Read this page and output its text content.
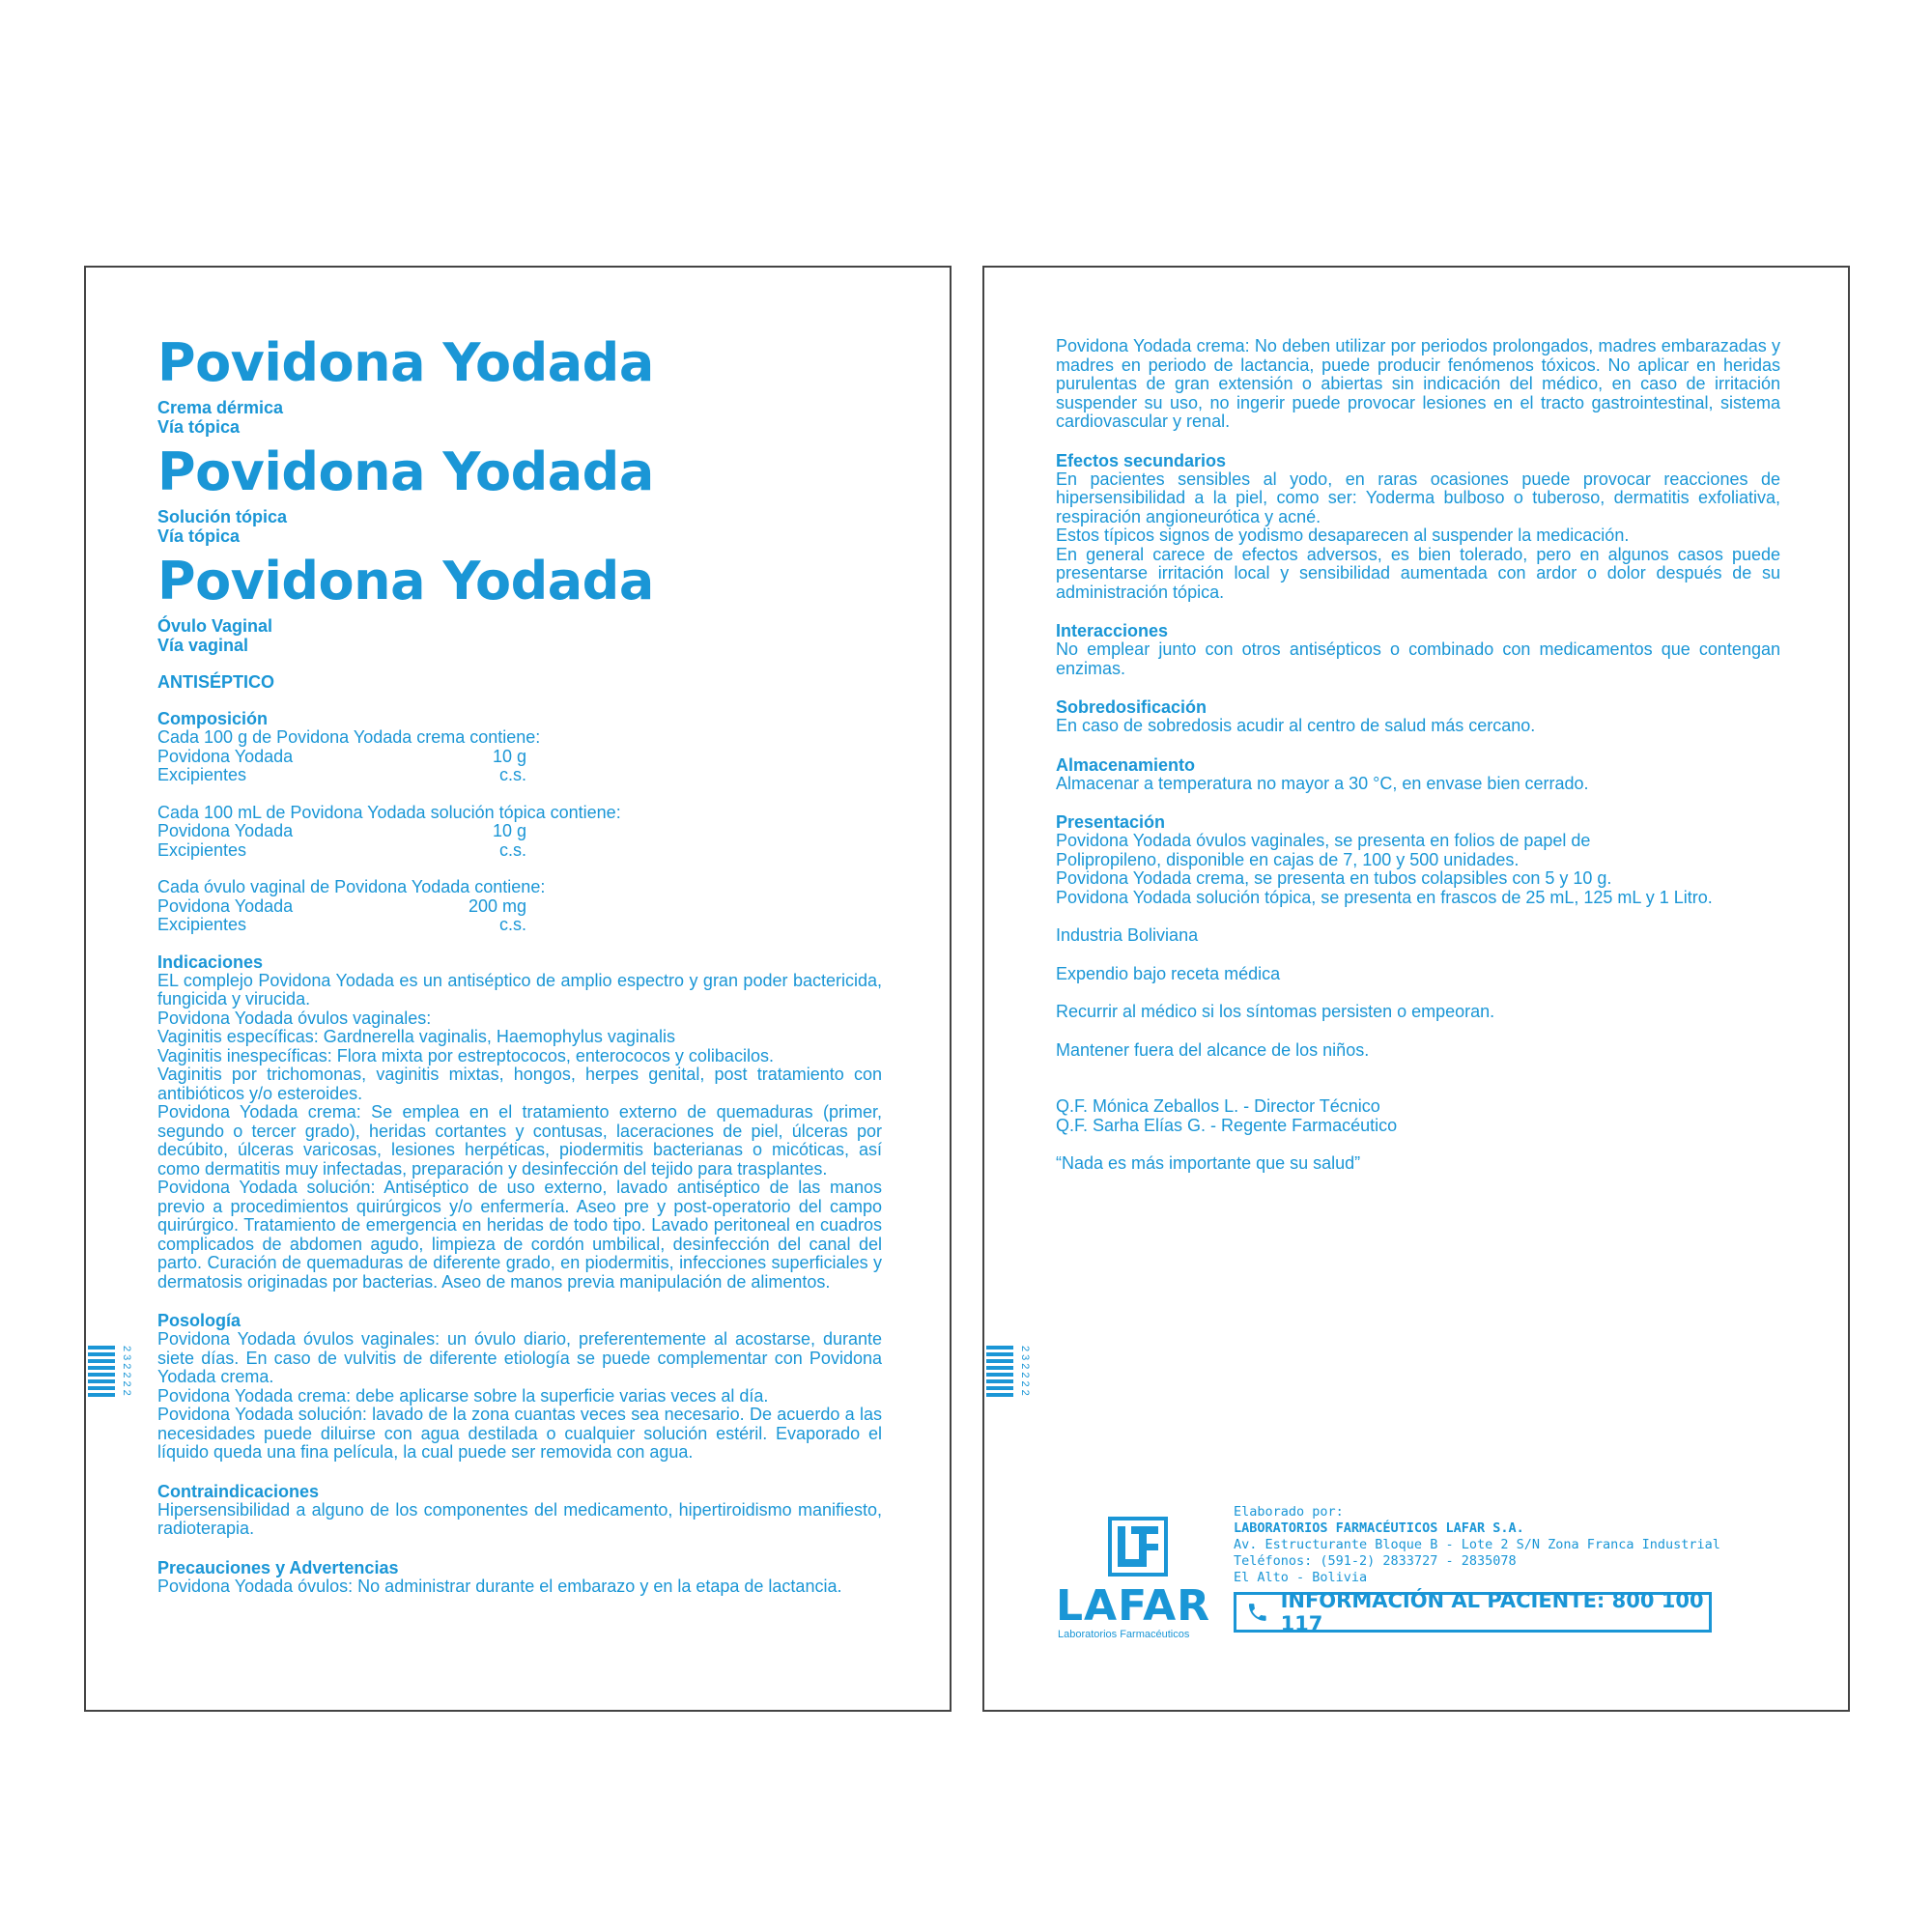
Povidona Yodada

Crema dérmica

Vía tópica

Povidona Yodada

Solución tópica

Vía tópica

Povidona Yodada

Óvulo Vaginal

Vía vaginal

ANTISÉPTICO

Composición

Cada 100 g de Povidona Yodada crema contiene:

Povidona Yodada	10 g
Excipientes	c.s.

Cada 100 mL de Povidona Yodada solución tópica contiene:

Povidona Yodada	10 g
Excipientes	c.s.

Cada óvulo vaginal de Povidona Yodada contiene:

Povidona Yodada	200 mg
Excipientes	c.s.

Indicaciones

EL complejo Povidona Yodada es un antiséptico de amplio espectro y gran poder bactericida, fungicida y virucida.

Povidona Yodada óvulos vaginales:

Vaginitis específicas: Gardnerella vaginalis, Haemophylus vaginalis

Vaginitis inespecíficas: Flora mixta por estreptococos, enterococos y colibacilos.

Vaginitis por trichomonas, vaginitis mixtas, hongos, herpes genital, post tratamiento con antibióticos y/o esteroides.

Povidona Yodada crema: Se emplea en el tratamiento externo de quemaduras (primer, segundo o tercer grado), heridas cortantes y contusas, laceraciones de piel, úlceras por decúbito, úlceras varicosas, lesiones herpéticas, piodermitis bacterianas o micóticas, así como dermatitis muy infectadas, preparación y desinfección del tejido para trasplantes.

Povidona Yodada solución: Antiséptico de uso externo, lavado antiséptico de las manos previo a procedimientos quirúrgicos y/o enfermería. Aseo pre y post-operatorio del campo quirúrgico. Tratamiento de emergencia en heridas de todo tipo. Lavado peritoneal en cuadros complicados de abdomen agudo, limpieza de cordón umbilical, desinfección del canal del parto. Curación de quemaduras de diferente grado, en piodermitis, infecciones superficiales y dermatosis originadas por bacterias. Aseo de manos previa manipulación de alimentos.

Posología

Povidona Yodada óvulos vaginales: un óvulo diario, preferentemente al acostarse, durante siete días. En caso de vulvitis de diferente etiología se puede complementar con Povidona Yodada crema.

Povidona Yodada crema: debe aplicarse sobre la superficie varias veces al día.

Povidona Yodada solución: lavado de la zona cuantas veces sea necesario. De acuerdo a las necesidades puede diluirse con agua destilada o cualquier solución estéril. Evaporado el líquido queda una fina película, la cual puede ser removida con agua.

Contraindicaciones

Hipersensibilidad a alguno de los componentes del medicamento, hipertiroidismo manifiesto, radioterapia.

Precauciones y Advertencias

Povidona Yodada óvulos: No administrar durante el embarazo y en la etapa de lactancia.

232222

Povidona Yodada crema: No deben utilizar por periodos prolongados, madres embarazadas y madres en periodo de lactancia, puede producir fenómenos tóxicos. No aplicar en heridas purulentas de gran extensión o abiertas sin indicación del médico, en caso de irritación suspender su uso, no ingerir puede provocar lesiones en el tracto gastrointestinal, sistema cardiovascular y renal.

Efectos secundarios

En pacientes sensibles al yodo, en raras ocasiones puede provocar reacciones de hipersensibilidad a la piel, como ser: Yoderma bulboso o tuberoso, dermatitis exfoliativa, respiración angioneurótica y acné.

Estos típicos signos de yodismo desaparecen al suspender la medicación.

En general carece de efectos adversos, es bien tolerado, pero en algunos casos puede presentarse irritación local y sensibilidad aumentada con ardor o dolor después de su administración tópica.

Interacciones

No emplear junto con otros antisépticos o combinado con medicamentos que contengan enzimas.

Sobredosificación

En caso de sobredosis acudir al centro de salud más cercano.

Almacenamiento

Almacenar a temperatura no mayor a 30 °C, en envase bien cerrado.

Presentación

Povidona Yodada óvulos vaginales, se presenta en folios de papel de

Polipropileno, disponible en cajas de 7, 100 y 500 unidades.

Povidona Yodada crema, se presenta en tubos colapsibles con 5 y 10 g.

Povidona Yodada solución tópica, se presenta en frascos de 25 mL, 125 mL y 1 Litro.

Industria Boliviana

Expendio bajo receta médica

Recurrir al médico si los síntomas persisten o empeoran.

Mantener fuera del alcance de los niños.

Q.F. Mónica Zeballos L. - Director Técnico

Q.F. Sarha Elías G. - Regente Farmacéutico

“Nada es más importante que su salud”

232222
LAFAR
Laboratorios Farmacéuticos
Elaborado por:
LABORATORIOS FARMACÉUTICOS LAFAR S.A.
Av. Estructurante Bloque B - Lote 2 S/N Zona Franca Industrial
Teléfonos: (591-2) 2833727 - 2835078
El Alto - Bolivia
INFORMACIÓN AL PACIENTE: 800 100 117
